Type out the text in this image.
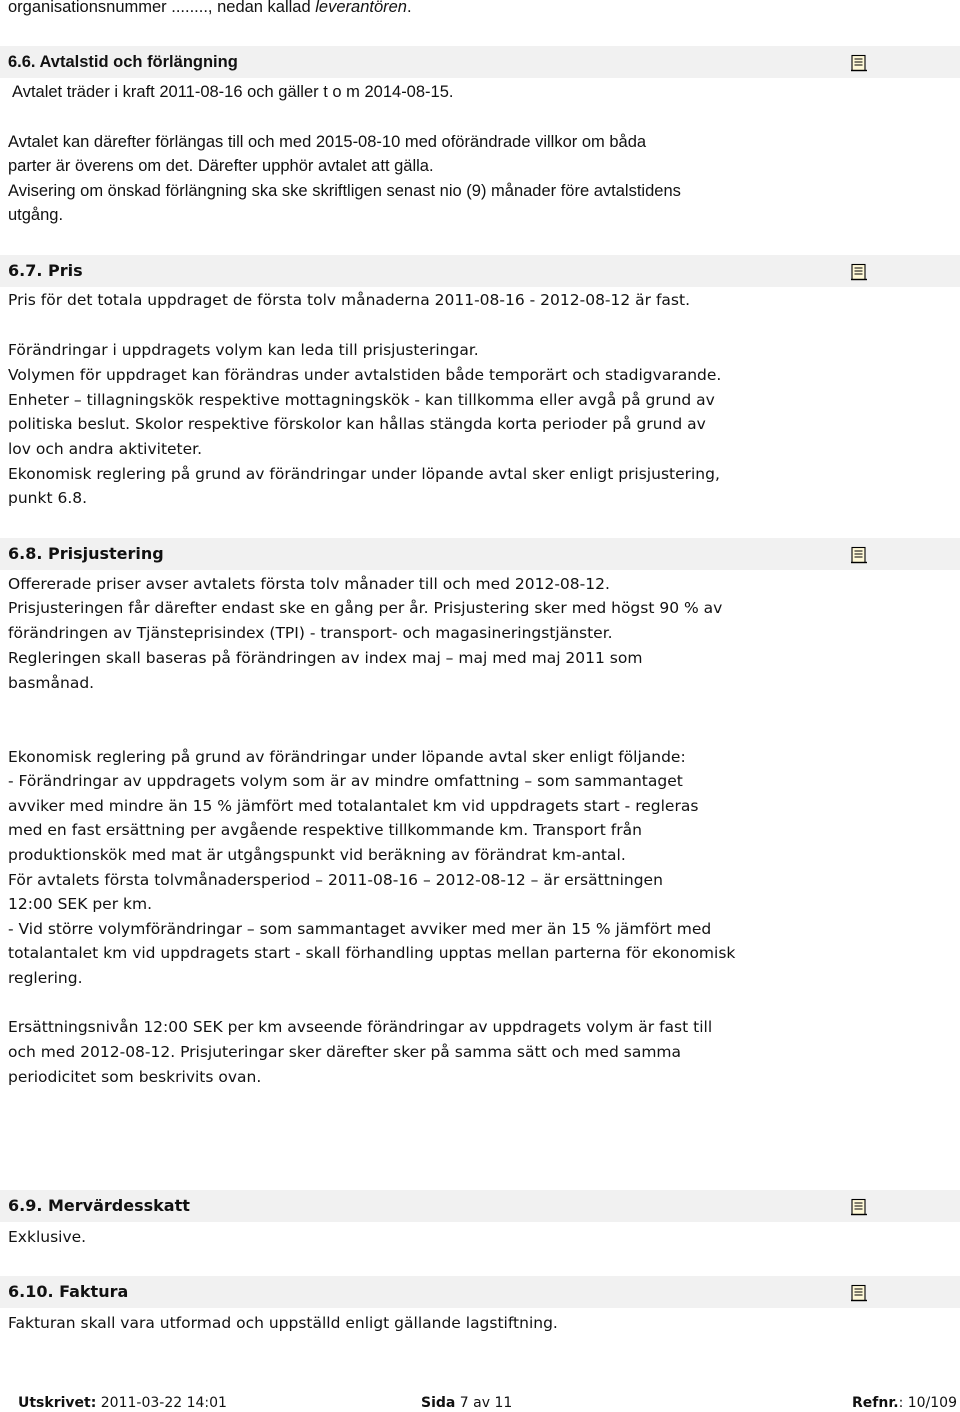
organisationsnummer ........, nedan kallad leverantören.
6.6. Avtalstid och förlängning
Avtalet träder i kraft 2011-08-16 och gäller t o m 2014-08-15.
Avtalet kan därefter förlängas till och med 2015-08-10 med oförändrade villkor om båda
parter är överens om det. Därefter upphör avtalet att gälla.
Avisering om önskad förlängning ska ske skriftligen senast nio (9) månader före avtalstidens
utgång.
6.7. Pris
Pris för det totala uppdraget de första tolv månaderna 2011-08-16 - 2012-08-12 är fast.
Förändringar i uppdragets volym kan leda till prisjusteringar.
Volymen för uppdraget kan förändras under avtalstiden både temporärt och stadigvarande.
Enheter – tillagningskök respektive mottagningskök - kan tillkomma eller avgå på grund av
politiska beslut. Skolor respektive förskolor kan hållas stängda korta perioder på grund av
lov och andra aktiviteter.
Ekonomisk reglering på grund av förändringar under löpande avtal sker enligt prisjustering,
punkt 6.8.
6.8. Prisjustering
Offererade priser avser avtalets första tolv månader till och med 2012-08-12.
Prisjusteringen får därefter endast ske en gång per år. Prisjustering sker med högst 90 % av
förändringen av Tjänsteprisindex (TPI) - transport- och magasineringstjänster.
Regleringen skall baseras på förändringen av index maj – maj med maj 2011 som
basmånad.
Ekonomisk reglering på grund av förändringar under löpande avtal sker enligt följande:
- Förändringar av uppdragets volym som är av mindre omfattning – som sammantaget
avviker med mindre än 15 % jämfört med totalantalet km vid uppdragets start - regleras
med en fast ersättning per avgående respektive tillkommande km. Transport från
produktionskök med mat är utgångspunkt vid beräkning av förändrat km-antal.
För avtalets första tolvmånadersperiod – 2011-08-16 – 2012-08-12 – är ersättningen
12:00 SEK per km.
- Vid större volymförändringar – som sammantaget avviker med mer än 15 % jämfört med
totalantalet km vid uppdragets start - skall förhandling upptas mellan parterna för ekonomisk
reglering.
Ersättningsnivån 12:00 SEK per km avseende förändringar av uppdragets volym är fast till
och med 2012-08-12. Prisjuteringar sker därefter sker på samma sätt och med samma
periodicitet som beskrivits ovan.
6.9. Mervärdesskatt
Exklusive.
6.10. Faktura
Fakturan skall vara utformad och uppställd enligt gällande lagstiftning.
Utskrivet: 2011-03-22 14:01	Sida 7 av 11	Refnr.: 10/109
